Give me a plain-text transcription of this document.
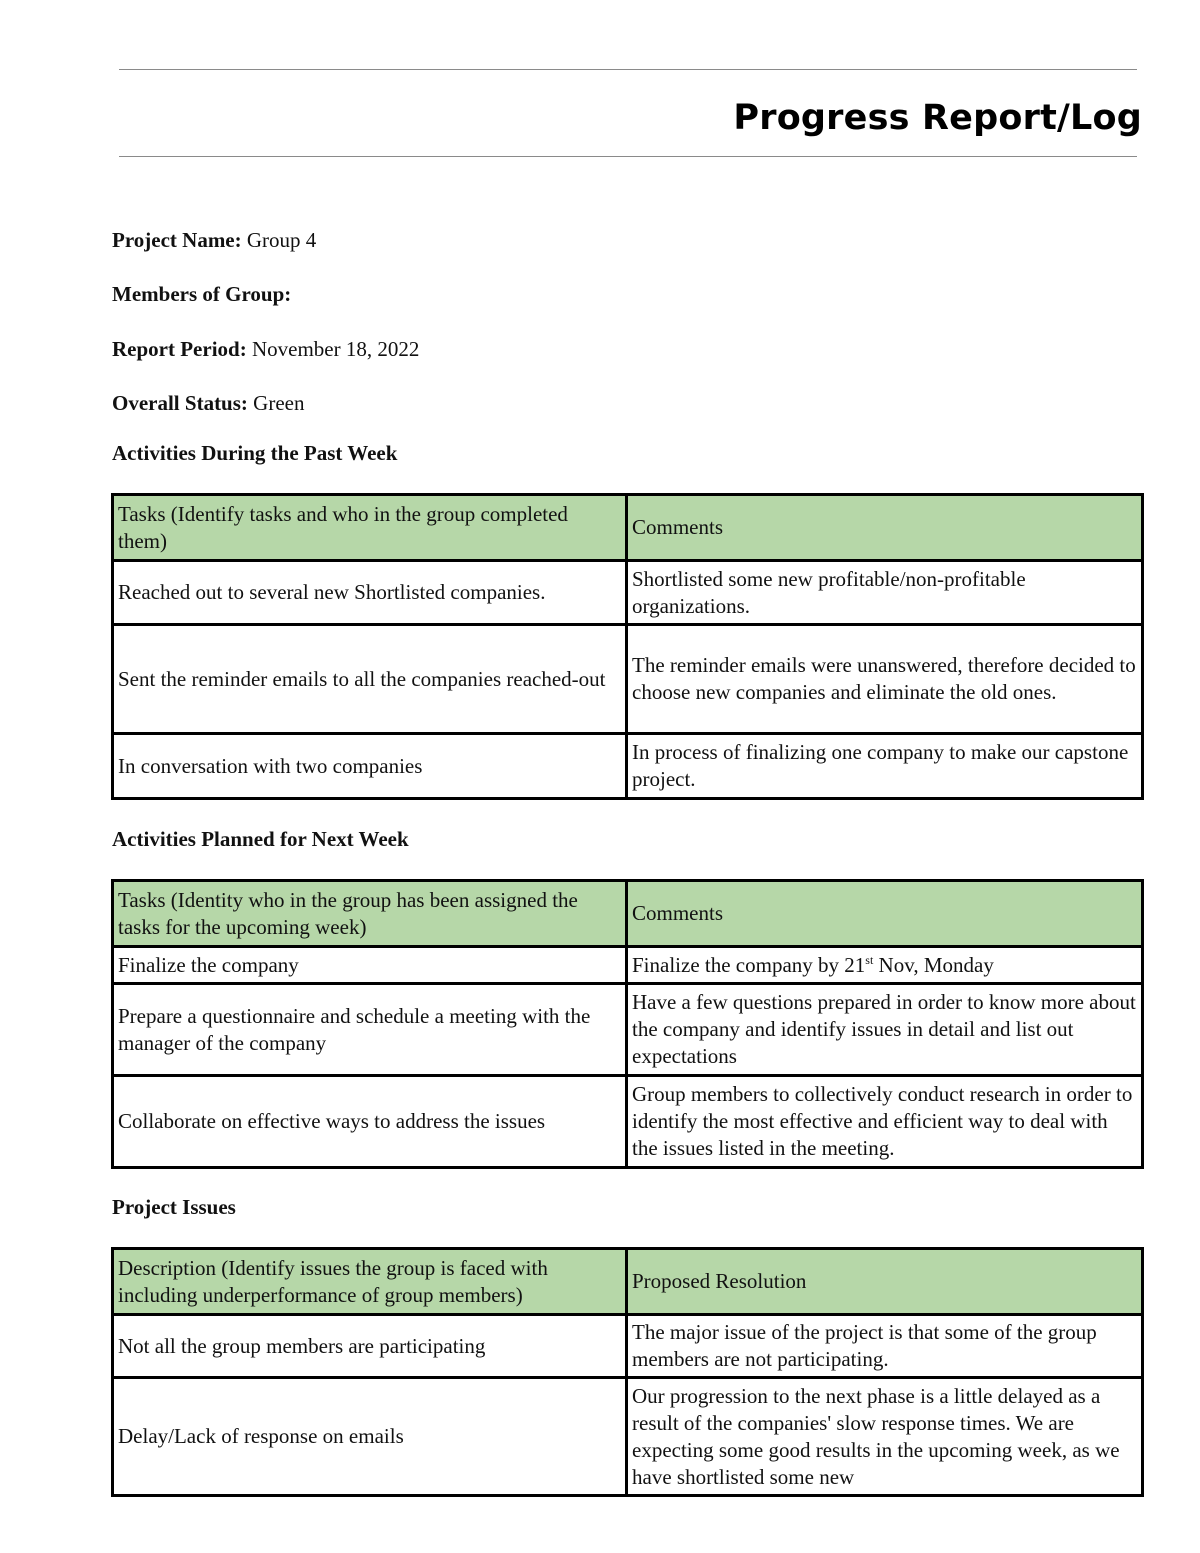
Progress Report/Log

Project Name: Group 4

Members of Group:

Report Period: November 18, 2022

Overall Status: Green

Activities During the Past Week

Tasks (Identify tasks and who in the group completed them)	Comments
Reached out to several new Shortlisted companies.	Shortlisted some new profitable/non-profitable organizations.
Sent the reminder emails to all the companies reached-out	The reminder emails were unanswered, therefore decided to choose new companies and eliminate the old ones.
In conversation with two companies	In process of finalizing one company to make our capstone project.

Activities Planned for Next Week

Tasks (Identity who in the group has been assigned the tasks for the upcoming week)	Comments
Finalize the company	Finalize the company by 21st Nov, Monday
Prepare a questionnaire and schedule a meeting with the manager of the company	Have a few questions prepared in order to know more about the company and identify issues in detail and list out expectations
Collaborate on effective ways to address the issues	Group members to collectively conduct research in order to identify the most effective and efficient way to deal with the issues listed in the meeting.

Project Issues

Description (Identify issues the group is faced with including underperformance of group members)	Proposed Resolution
Not all the group members are participating	The major issue of the project is that some of the group members are not participating.
Delay/Lack of response on emails	Our progression to the next phase is a little delayed as a result of the companies' slow response times. We are expecting some good results in the upcoming week, as we have shortlisted some new
